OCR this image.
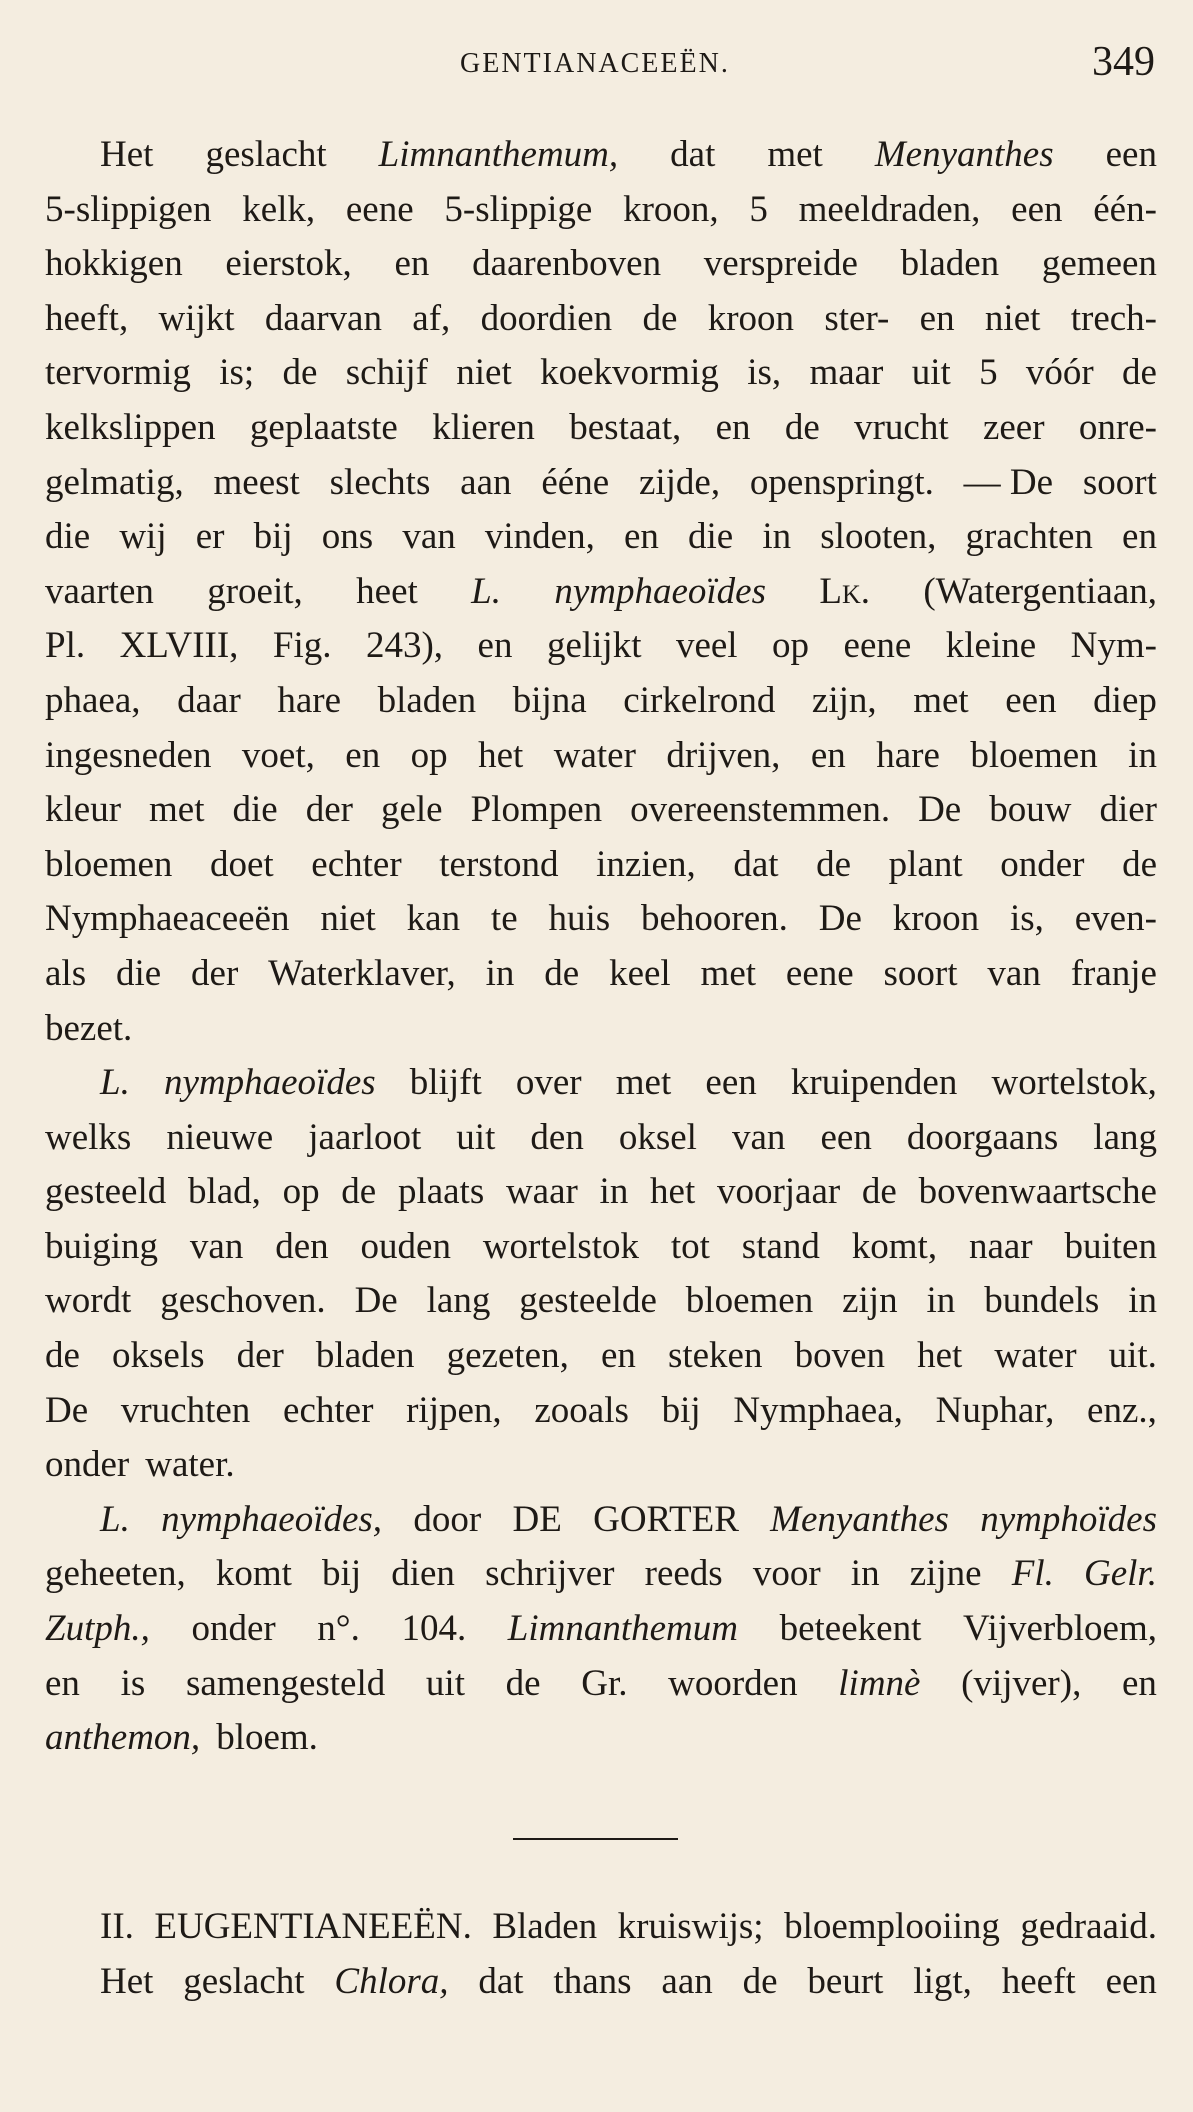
GENTIANACEEËN.	349
Het geslacht Limnanthemum, dat met Menyanthes een
5-slippigen kelk, eene 5-slippige kroon, 5 meeldraden, een één-
hokkigen eierstok, en daarenboven verspreide bladen gemeen
heeft, wijkt daarvan af, doordien de kroon ster- en niet trech-
tervormig is; de schijf niet koekvormig is, maar uit 5 vóór de
kelkslippen geplaatste klieren bestaat, en de vrucht zeer onre-
gelmatig, meest slechts aan ééne zijde, openspringt. — De soort
die wij er bij ons van vinden, en die in slooten, grachten en
vaarten groeit, heet L. nymphaeoïdes Lk. (Watergentiaan,
Pl. XLVIII, Fig. 243), en gelijkt veel op eene kleine Nym-
phaea, daar hare bladen bijna cirkelrond zijn, met een diep
ingesneden voet, en op het water drijven, en hare bloemen in
kleur met die der gele Plompen overeenstemmen. De bouw dier
bloemen doet echter terstond inzien, dat de plant onder de
Nymphaeaceeën niet kan te huis behooren. De kroon is, even-
als die der Waterklaver, in de keel met eene soort van franje
bezet.
L. nymphaeoïdes blijft over met een kruipenden wortelstok,
welks nieuwe jaarloot uit den oksel van een doorgaans lang
gesteeld blad, op de plaats waar in het voorjaar de bovenwaartsche
buiging van den ouden wortelstok tot stand komt, naar buiten
wordt geschoven. De lang gesteelde bloemen zijn in bundels in
de oksels der bladen gezeten, en steken boven het water uit.
De vruchten echter rijpen, zooals bij Nymphaea, Nuphar, enz.,
onder water.
L. nymphaeoïdes, door DE GORTER Menyanthes nymphoïdes
geheeten, komt bij dien schrijver reeds voor in zijne Fl. Gelr.
Zutph., onder n°. 104. Limnanthemum beteekent Vijverbloem,
en is samengesteld uit de Gr. woorden limnè (vijver), en
anthemon, bloem.
II. EUGENTIANEEËN. Bladen kruiswijs; bloemplooiing gedraaid.
Het geslacht Chlora, dat thans aan de beurt ligt, heeft een
